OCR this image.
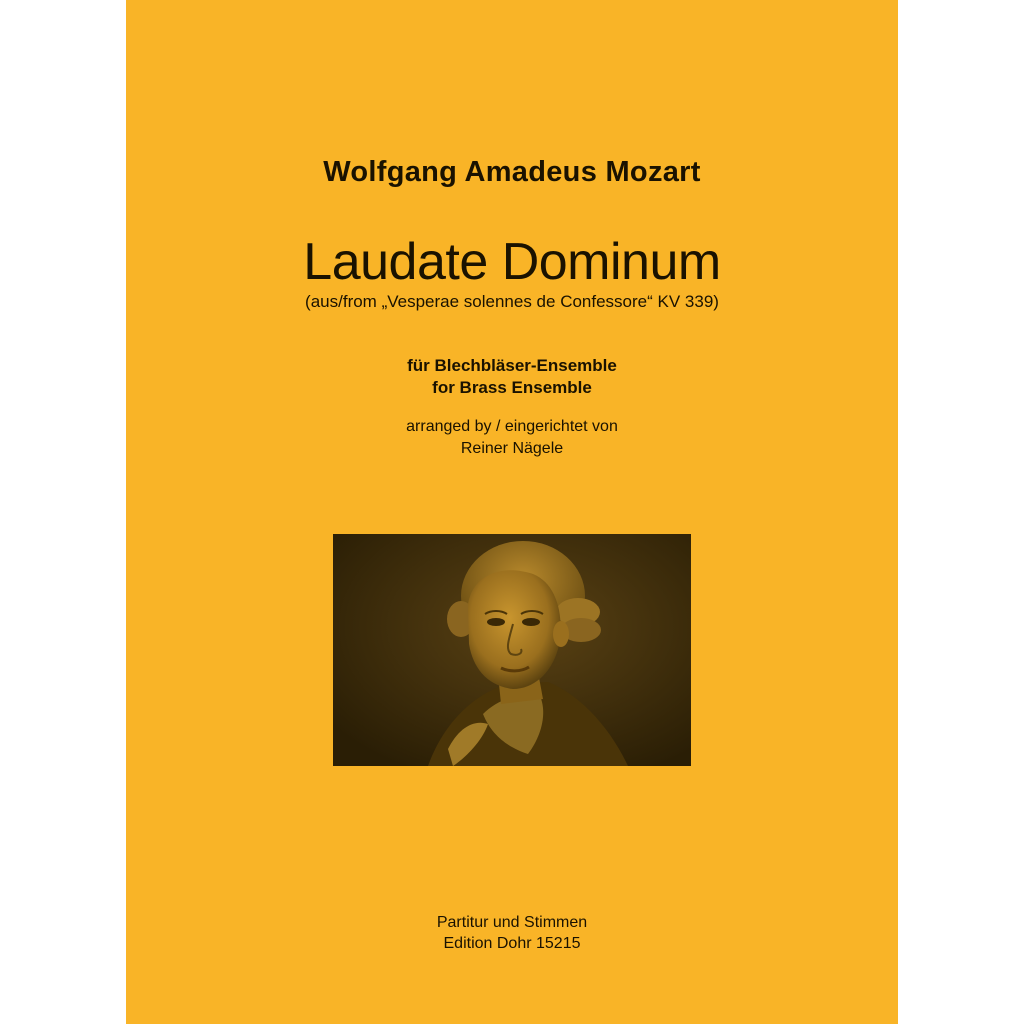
Wolfgang Amadeus Mozart
Laudate Dominum
(aus/from „Vesperae solennes de Confessore“ KV 339)
für Blechbläser-Ensemble
for Brass Ensemble
arranged by / eingerichtet von
Reiner Nägele
Partitur und Stimmen
Edition Dohr 15215
